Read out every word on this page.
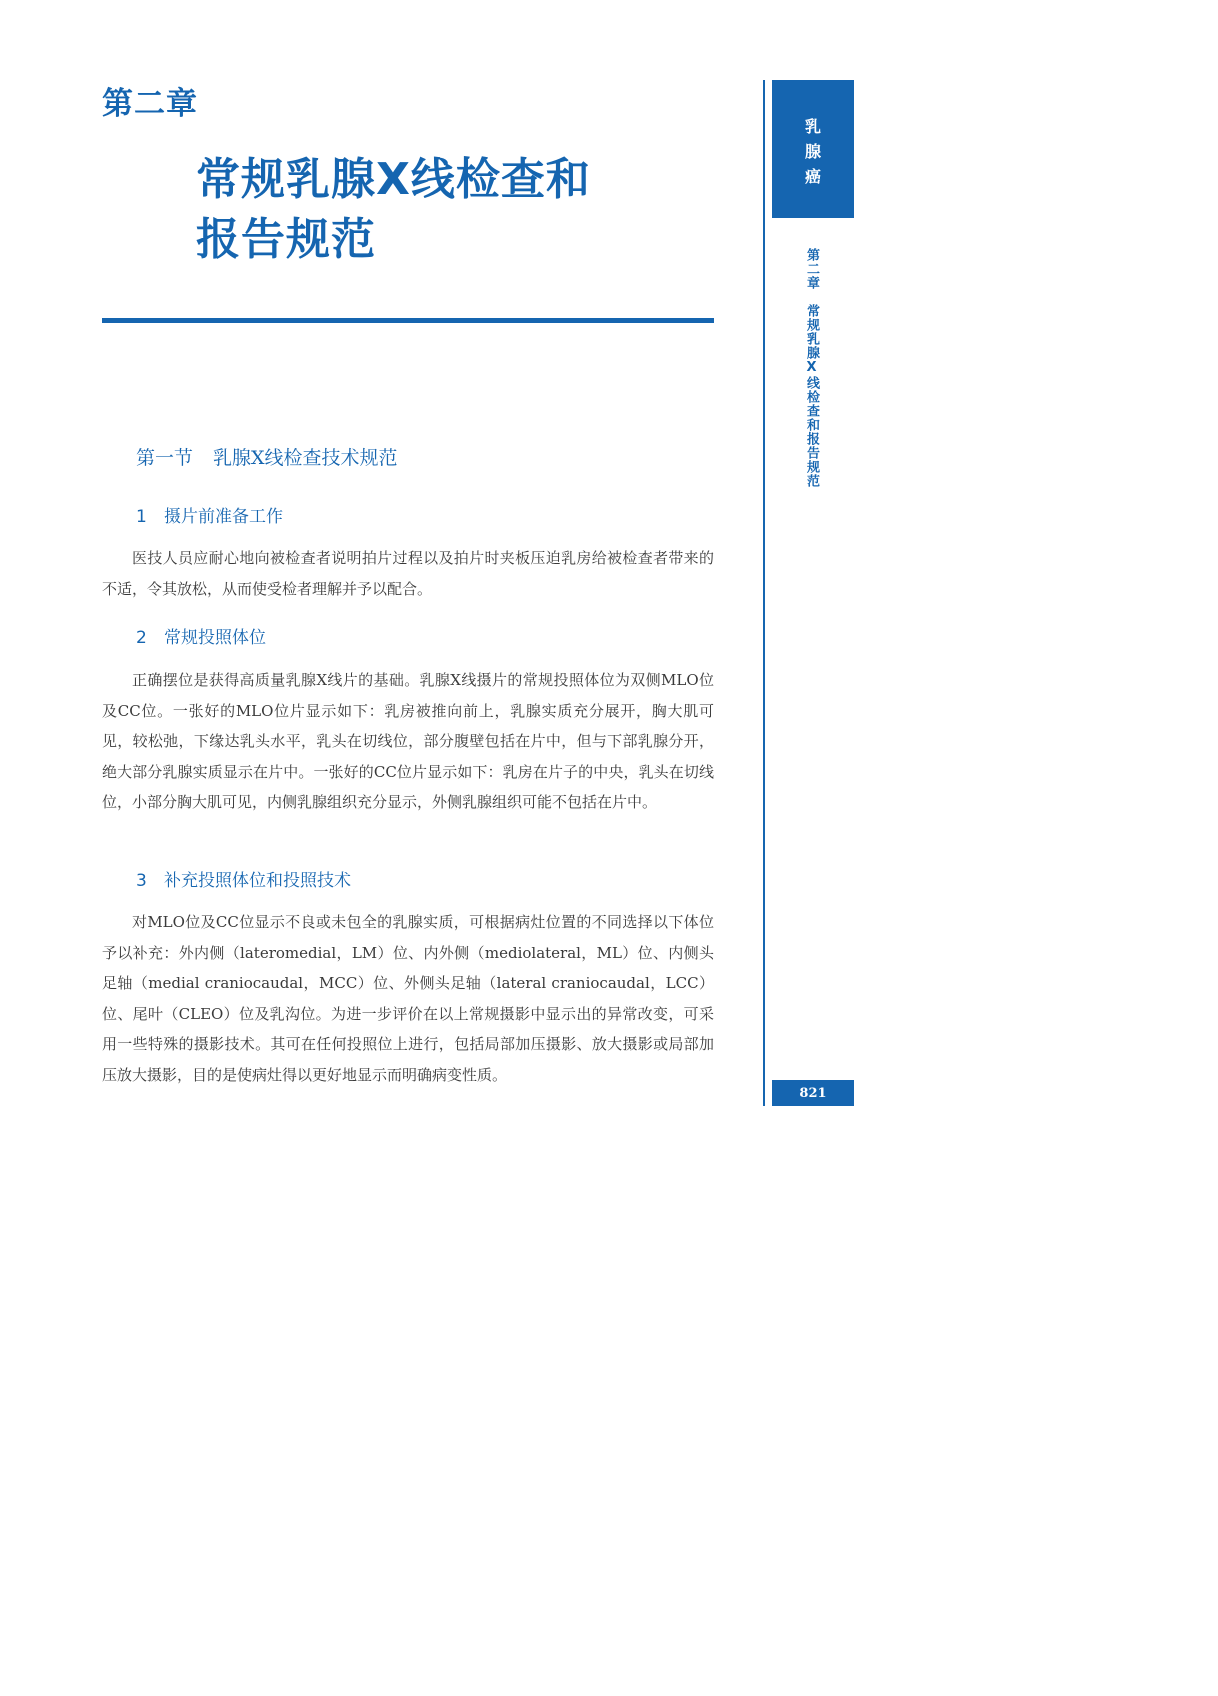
第二章
常规乳腺X线检查和
报告规范
第一节 乳腺X线检查技术规范
1 摄片前准备工作
医技人员应耐心地向被检查者说明拍片过程以及拍片时夹板压迫乳房给被检查者带来的不适，令其放松，从而使受检者理解并予以配合。
2 常规投照体位
正确摆位是获得高质量乳腺X线片的基础。乳腺X线摄片的常规投照体位为双侧MLO位及CC位。一张好的MLO位片显示如下：乳房被推向前上，乳腺实质充分展开，胸大肌可见，较松弛，下缘达乳头水平，乳头在切线位，部分腹壁包括在片中，但与下部乳腺分开，绝大部分乳腺实质显示在片中。一张好的CC位片显示如下：乳房在片子的中央，乳头在切线位，小部分胸大肌可见，内侧乳腺组织充分显示，外侧乳腺组织可能不包括在片中。
3 补充投照体位和投照技术
对MLO位及CC位显示不良或未包全的乳腺实质，可根据病灶位置的不同选择以下体位予以补充：外内侧（lateromedial，LM）位、内外侧（mediolateral，ML）位、内侧头足轴（medial craniocaudal，MCC）位、外侧头足轴（lateral craniocaudal，LCC）位、尾叶（CLEO）位及乳沟位。为进一步评价在以上常规摄影中显示出的异常改变，可采用一些特殊的摄影技术。其可在任何投照位上进行，包括局部加压摄影、放大摄影或局部加压放大摄影，目的是使病灶得以更好地显示而明确病变性质。
乳
腺
癌
第二章常规乳腺X线检查和报告规范
821
